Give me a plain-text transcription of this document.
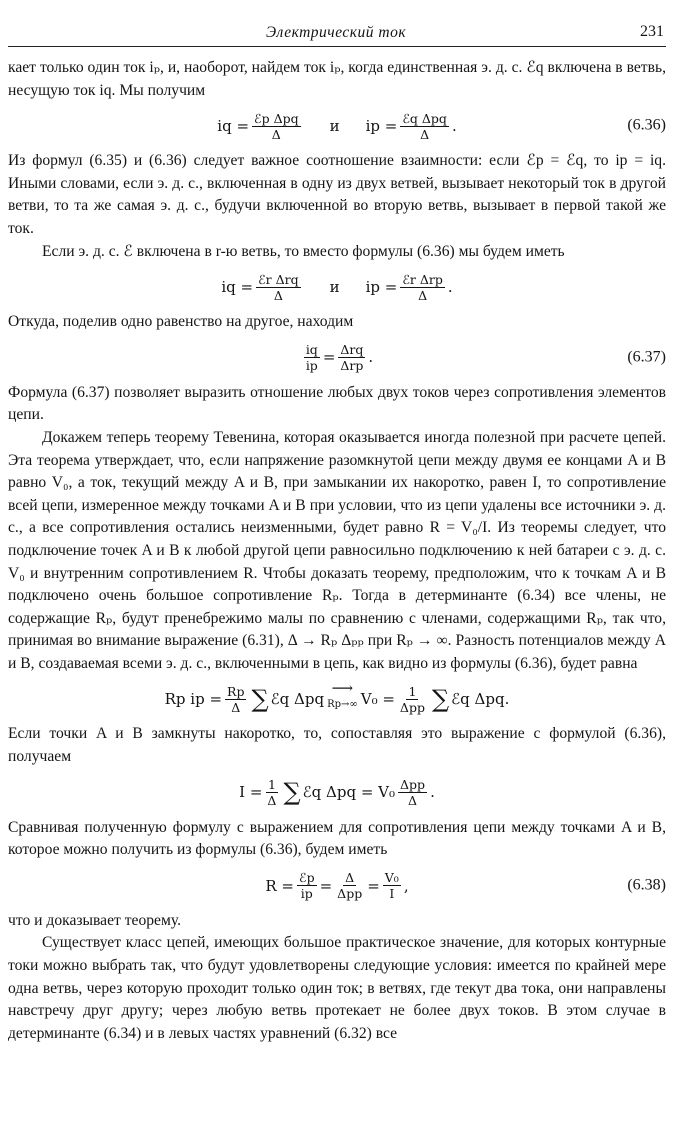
Электрический ток	231

кает только один ток iₚ, и, наоборот, найдем ток iₚ, когда единственная э. д. с. ℰq включена в ветвь, несущую ток iq. Мы получим

iq = $\frac{\text{ℰp Δpq}}{\Delta}$ и ip = $\frac{\text{ℰq Δpq}}{\Delta}$ .	(6.36)

Из формул (6.35) и (6.36) следует важное соотношение взаимности: если ℰp = ℰq, то ip = iq. Иными словами, если э. д. с., включенная в одну из двух ветвей, вызывает некоторый ток в другой ветви, то та же самая э. д. с., будучи включенной во вторую ветвь, вызывает в первой такой же ток.

Если э. д. с. ℰ включена в r-ю ветвь, то вместо формулы (6.36) мы будем иметь

iq = $\frac{\text{ℰr Δrq}}{\Delta}$ и ip = $\frac{\text{ℰr Δrp}}{\Delta}$ .

Откуда, поделив одно равенство на другое, находим

$\frac{iq}{ip} = \frac{\text{Δrq}}{\text{Δrp}}$ .	(6.37)

Формула (6.37) позволяет выразить отношение любых двух токов через сопротивления элементов цепи.

Докажем теперь теорему Тевенина, которая оказывается иногда полезной при расчете цепей. Эта теорема утверждает, что, если напряжение разомкнутой цепи между двумя ее концами A и B равно V₀, а ток, текущий между A и B, при замыкании их накоротко, равен I, то сопротивление всей цепи, измеренное между точками A и B при условии, что из цепи удалены все источники э. д. с., а все сопротивления остались неизменными, будет равно R = V₀/I. Из теоремы следует, что подключение точек A и B к любой другой цепи равносильно подключению к ней батареи с э. д. с. V₀ и внутренним сопротивлением R. Чтобы доказать теорему, предположим, что к точкам A и B подключено очень большое сопротивление Rₚ. Тогда в детерминанте (6.34) все члены, не содержащие Rₚ, будут пренебрежимо малы по сравнению с членами, содержащими Rₚ, так что, принимая во внимание выражение (6.31), Δ → Rₚ Δₚₚ при Rₚ → ∞. Разность потенциалов между A и B, создаваемая всеми э. д. с., включенными в цепь, как видно из формулы (6.36), будет равна

Rp ip = $\frac{Rp}{\Delta}$ ∑ ℰq Δpq
⟶
Rp→∞ $V_0 = \frac{1}{\text{Δpp}}$ ∑ ℰq Δpq .

Если точки A и B замкнуты накоротко, то, сопоставляя это выражение с формулой (6.36), получаем

$I = \frac{1}{\Delta}$ ∑ ℰq $\Delta pq = V_0 \frac{\text{Δpp}}{\Delta}$ .

Сравнивая полученную формулу с выражением для сопротивления цепи между точками A и B, которое можно получить из формулы (6.36), будем иметь

$R = \frac{\text{ℰp}}{ip} = \frac{\Delta}{\text{Δpp}} = \frac{\text{V₀}}{I}$ ,	(6.38)

что и доказывает теорему.

Существует класс цепей, имеющих большое практическое значение, для которых контурные токи можно выбрать так, что будут удовлетворены следующие условия: имеется по крайней мере одна ветвь, через которую проходит только один ток; в ветвях, где текут два тока, они направлены навстречу друг другу; через любую ветвь протекает не более двух токов. В этом случае в детерминанте (6.34) и в левых частях уравнений (6.32) все
